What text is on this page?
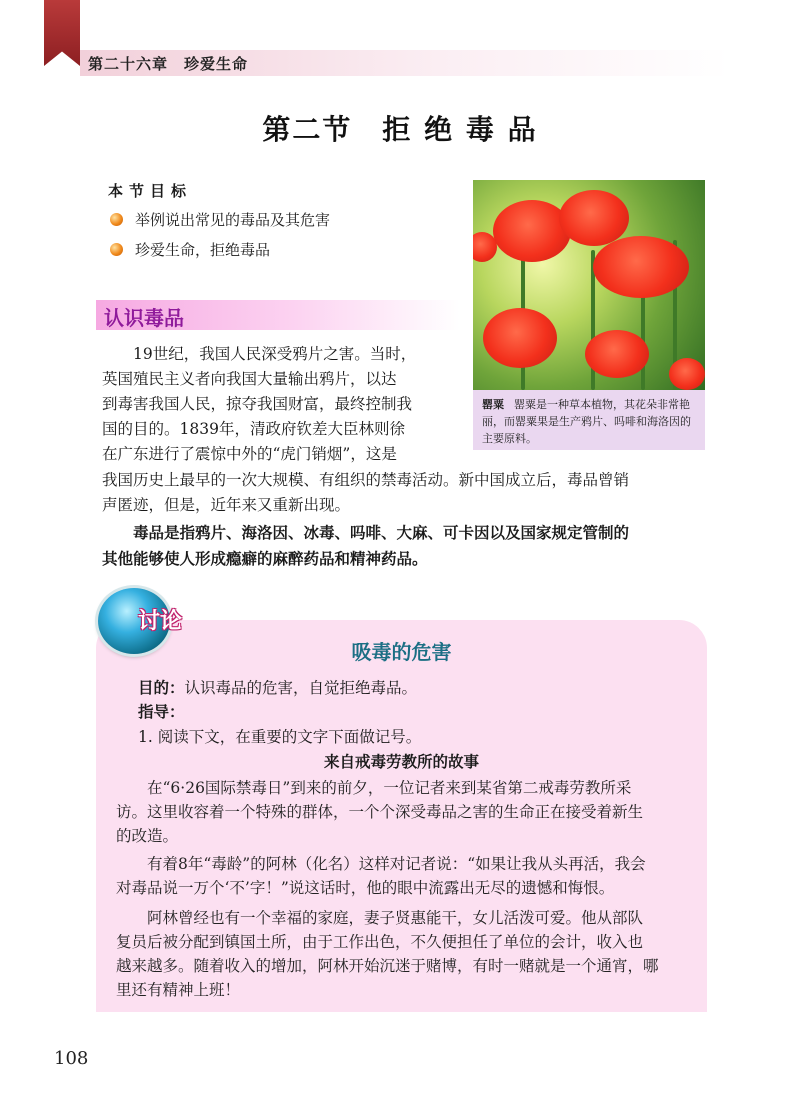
第二十六章　珍爱生命
第二节　拒 绝 毒 品
本节目标
举例说出常见的毒品及其危害
珍爱生命，拒绝毒品
罂粟 罂粟是一种草本植物，其花朵非常艳丽，而罂粟果是生产鸦片、吗啡和海洛因的主要原料。
认识毒品
　　19世纪，我国人民深受鸦片之害。当时，
英国殖民主义者向我国大量输出鸦片，以达
到毒害我国人民，掠夺我国财富，最终控制我
国的目的。1839年，清政府钦差大臣林则徐
在广东进行了震惊中外的“虎门销烟”，这是
我国历史上最早的一次大规模、有组织的禁毒活动。新中国成立后，毒品曾销
声匿迹，但是，近年来又重新出现。
　　毒品是指鸦片、海洛因、冰毒、吗啡、大麻、可卡因以及国家规定管制的
其他能够使人形成瘾癖的麻醉药品和精神药品。
讨论
吸毒的危害
目的：认识毒品的危害，自觉拒绝毒品。
指导：
1. 阅读下文，在重要的文字下面做记号。
来自戒毒劳教所的故事
　　在“6·26国际禁毒日”到来的前夕，一位记者来到某省第二戒毒劳教所采
访。这里收容着一个特殊的群体，一个个深受毒品之害的生命正在接受着新生
的改造。
　　有着8年“毒龄”的阿林（化名）这样对记者说：“如果让我从头再活，我会
对毒品说一万个‘不’字！”说这话时，他的眼中流露出无尽的遗憾和悔恨。
　　阿林曾经也有一个幸福的家庭，妻子贤惠能干，女儿活泼可爱。他从部队
复员后被分配到镇国土所，由于工作出色，不久便担任了单位的会计，收入也
越来越多。随着收入的增加，阿林开始沉迷于赌博，有时一赌就是一个通宵，哪
里还有精神上班！
108
